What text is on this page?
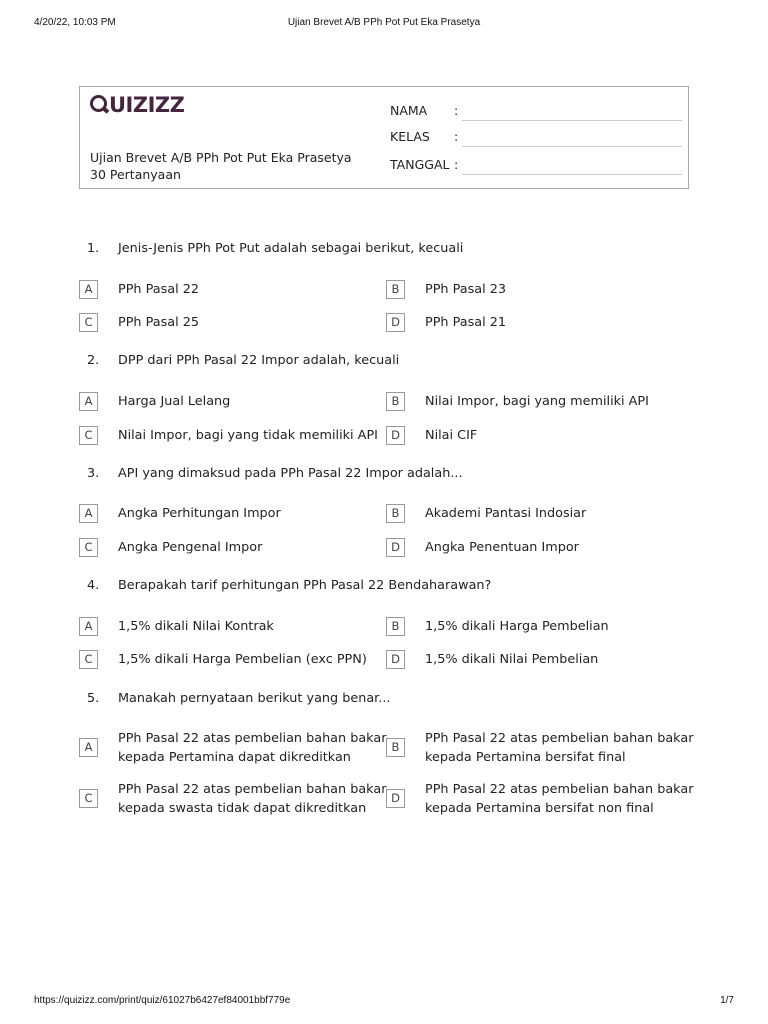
4/20/22, 10:03 PM	Ujian Brevet A/B PPh Pot Put Eka Prasetya
UIZIZZ
Ujian Brevet A/B PPh Pot Put Eka Prasetya
30 Pertanyaan
NAMA :
KELAS :
TANGGAL :
1. Jenis-Jenis PPh Pot Put adalah sebagai berikut, kecuali
A	PPh Pasal 22	B	PPh Pasal 23
C	PPh Pasal 25	D	PPh Pasal 21
2. DPP dari PPh Pasal 22 Impor adalah, kecuali
A	Harga Jual Lelang	B	Nilai Impor, bagi yang memiliki API
C	Nilai Impor, bagi yang tidak memiliki API	D	Nilai CIF
3. API yang dimaksud pada PPh Pasal 22 Impor adalah...
A	Angka Perhitungan Impor	B	Akademi Pantasi Indosiar
C	Angka Pengenal Impor	D	Angka Penentuan Impor
4. Berapakah tarif perhitungan PPh Pasal 22 Bendaharawan?
A	1,5% dikali Nilai Kontrak	B	1,5% dikali Harga Pembelian
C	1,5% dikali Harga Pembelian (exc PPN)	D	1,5% dikali Nilai Pembelian
5. Manakah pernyataan berikut yang benar...
A
PPh Pasal 22 atas pembelian bahan bakar kepada Pertamina dapat dikreditkan
B
PPh Pasal 22 atas pembelian bahan bakar kepada Pertamina bersifat final
C
PPh Pasal 22 atas pembelian bahan bakar kepada swasta tidak dapat dikreditkan
D
PPh Pasal 22 atas pembelian bahan bakar kepada Pertamina bersifat non final
https://quizizz.com/print/quiz/61027b6427ef84001bbf779e	1/7
